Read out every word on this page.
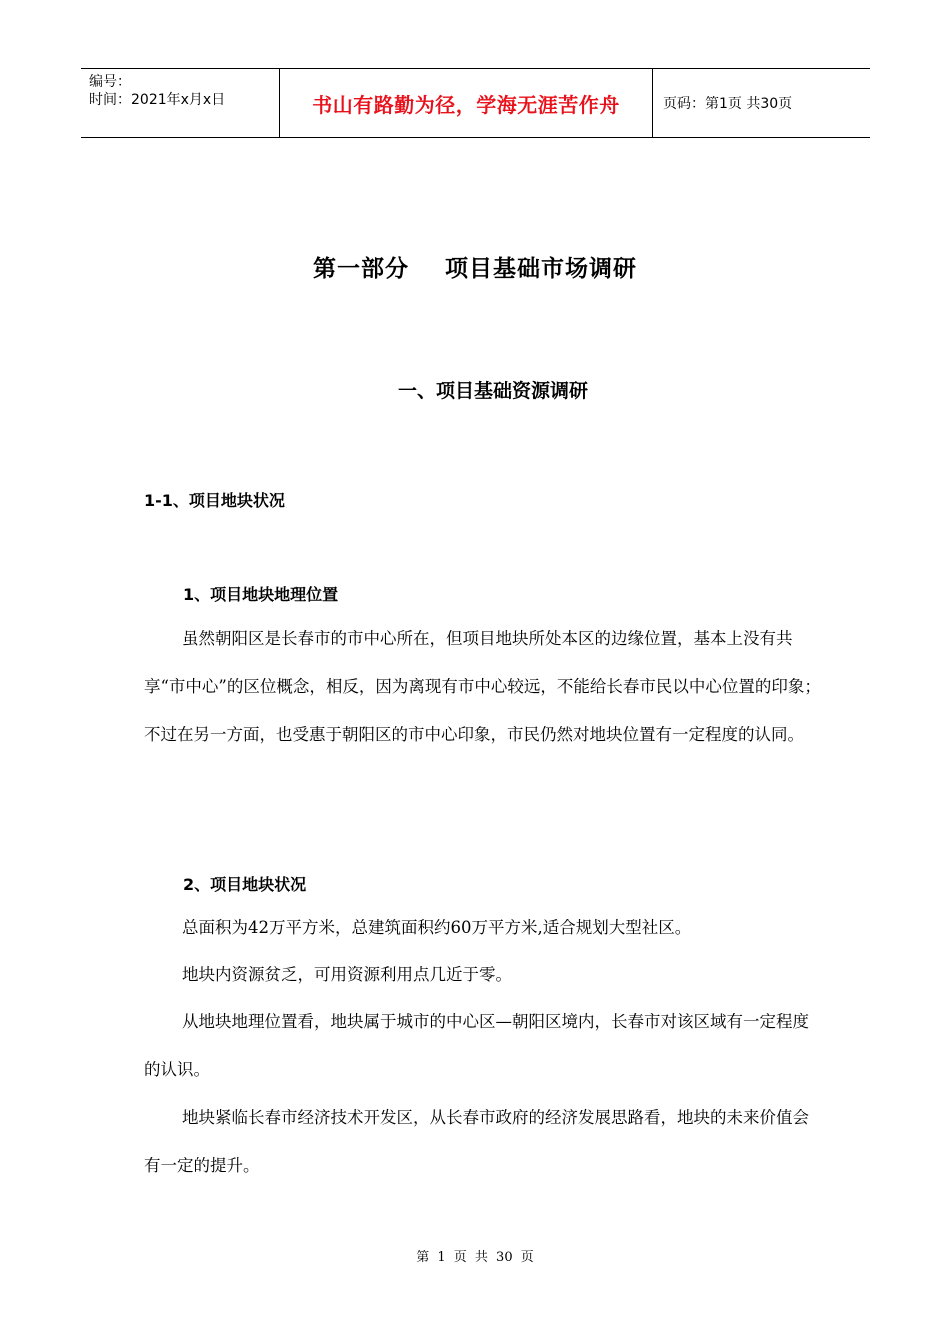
编号：
时间：2021年x月x日	书山有路勤为径，学海无涯苦作舟	页码：第1页 共30页
第一部分    项目基础市场调研
一、项目基础资源调研
1-1、项目地块状况
1、项目地块地理位置
虽然朝阳区是长春市的市中心所在，但项目地块所处本区的边缘位置，基本上没有共享“市中心”的区位概念，相反，因为离现有市中心较远，不能给长春市民以中心位置的印象；不过在另一方面，也受惠于朝阳区的市中心印象，市民仍然对地块位置有一定程度的认同。
2、项目地块状况
总面积为42万平方米，总建筑面积约60万平方米,适合规划大型社区。
地块内资源贫乏，可用资源利用点几近于零。
从地块地理位置看，地块属于城市的中心区—朝阳区境内，长春市对该区域有一定程度的认识。
地块紧临长春市经济技术开发区，从长春市政府的经济发展思路看，地块的未来价值会有一定的提升。
第 1 页 共 30 页
